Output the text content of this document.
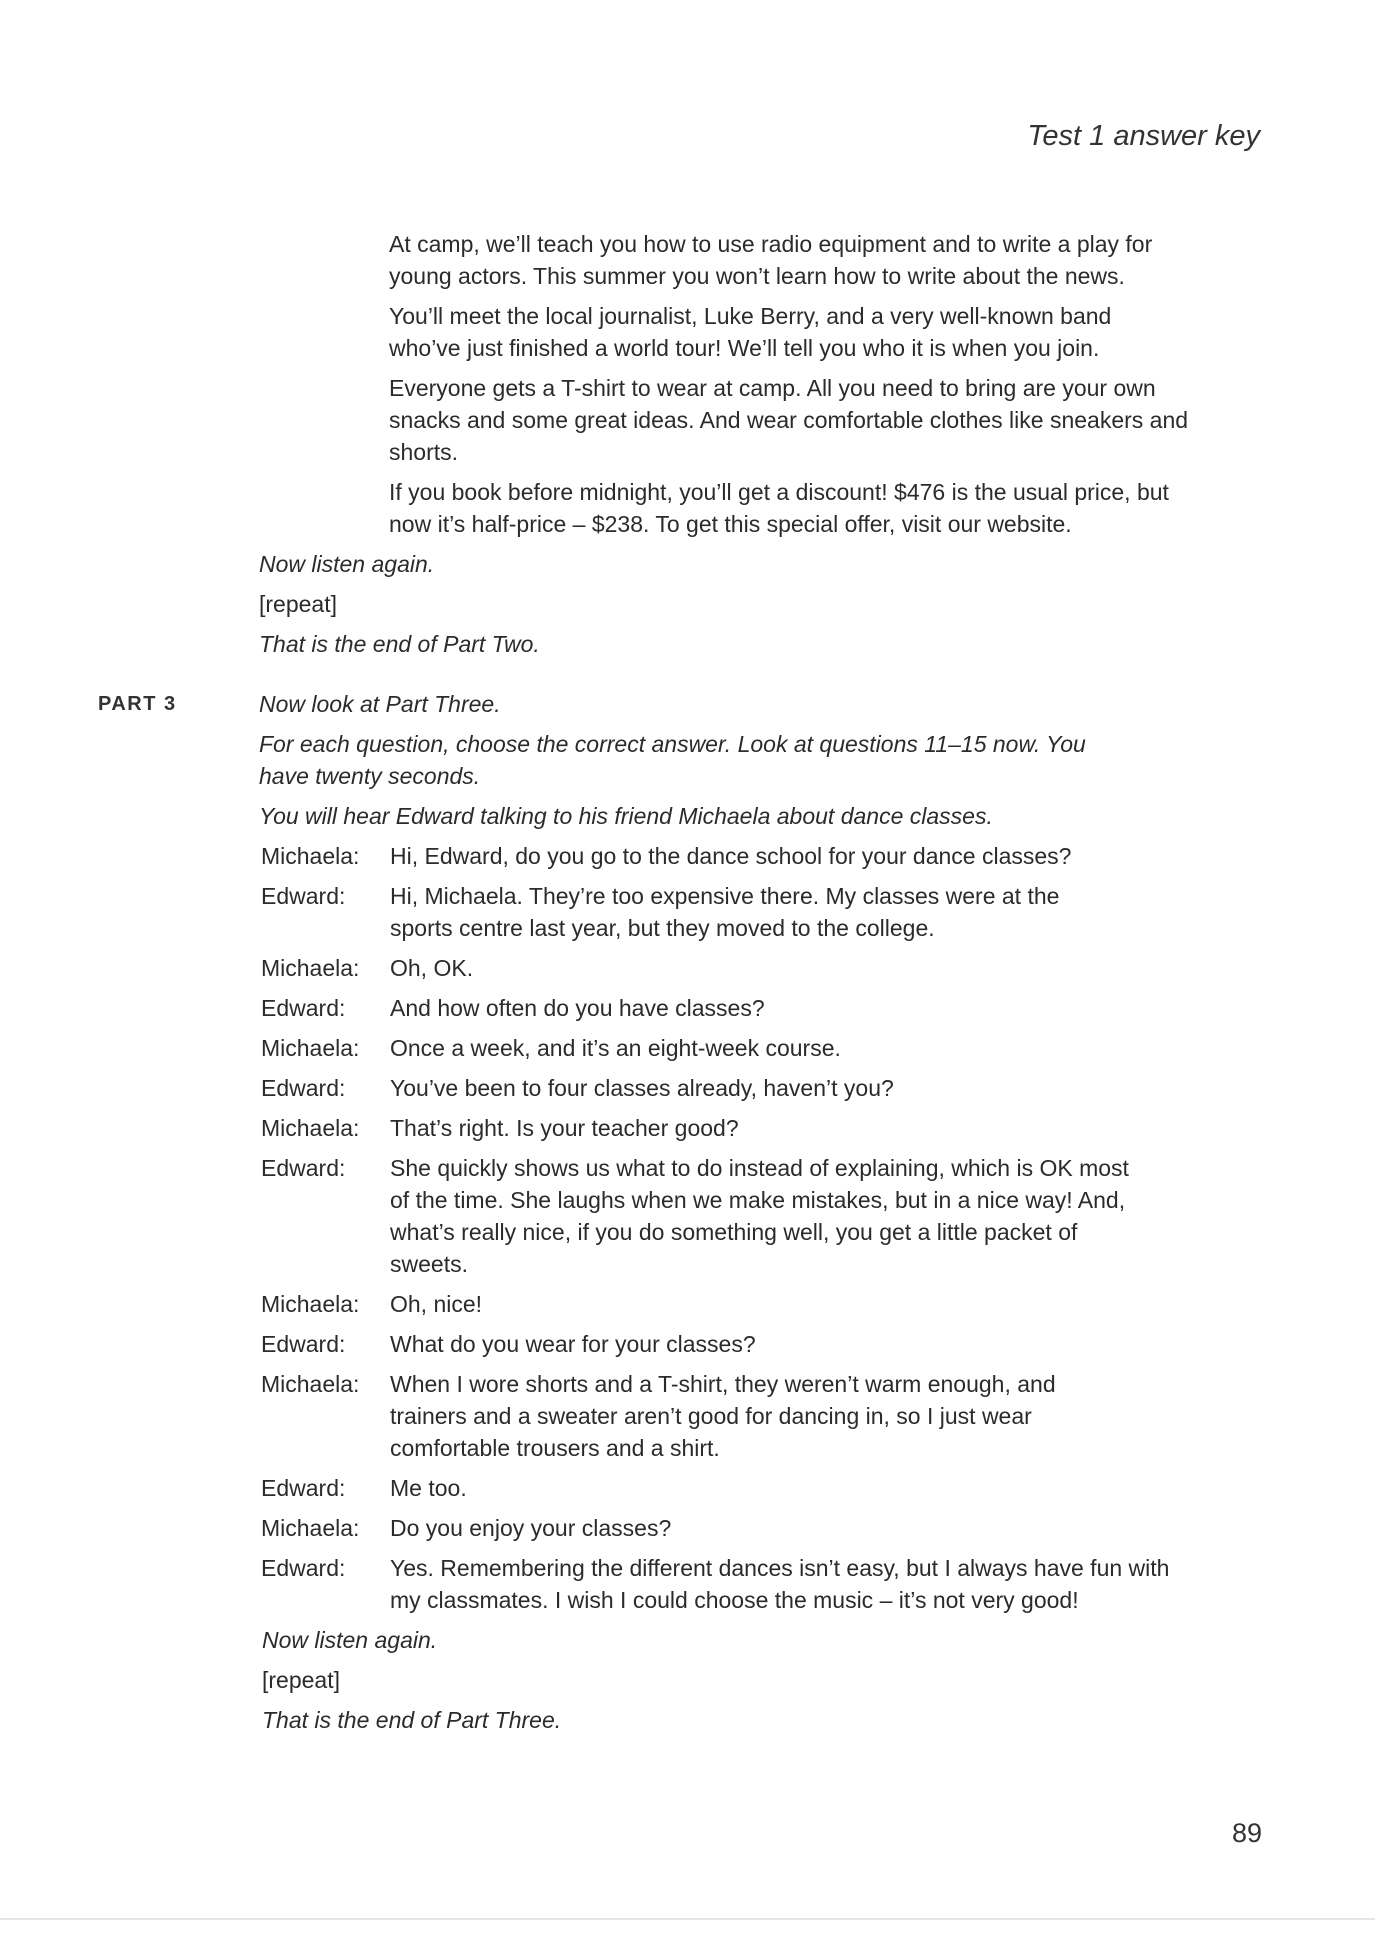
Test 1 answer key
At camp, we’ll teach you how to use radio equipment and to write a play for young actors. This summer you won’t learn how to write about the news.
You’ll meet the local journalist, Luke Berry, and a very well-known band who’ve just finished a world tour! We’ll tell you who it is when you join.
Everyone gets a T-shirt to wear at camp. All you need to bring are your own snacks and some great ideas. And wear comfortable clothes like sneakers and shorts.
If you book before midnight, you’ll get a discount! $476 is the usual price, but now it’s half-price – $238. To get this special offer, visit our website.
Now listen again.
[repeat]
That is the end of Part Two.
PART 3	Now look at Part Three.
For each question, choose the correct answer. Look at questions 11–15 now. You have twenty seconds.
You will hear Edward talking to his friend Michaela about dance classes.
Michaela:	Hi, Edward, do you go to the dance school for your dance classes?
Edward:	Hi, Michaela. They’re too expensive there. My classes were at the sports centre last year, but they moved to the college.
Michaela:	Oh, OK.
Edward:	And how often do you have classes?
Michaela:	Once a week, and it’s an eight-week course.
Edward:	You’ve been to four classes already, haven’t you?
Michaela:	That’s right. Is your teacher good?
Edward:	She quickly shows us what to do instead of explaining, which is OK most of the time. She laughs when we make mistakes, but in a nice way! And, what’s really nice, if you do something well, you get a little packet of sweets.
Michaela:	Oh, nice!
Edward:	What do you wear for your classes?
Michaela:	When I wore shorts and a T-shirt, they weren’t warm enough, and trainers and a sweater aren’t good for dancing in, so I just wear comfortable trousers and a shirt.
Edward:	Me too.
Michaela:	Do you enjoy your classes?
Edward:	Yes. Remembering the different dances isn’t easy, but I always have fun with my classmates. I wish I could choose the music – it’s not very good!
Now listen again.
[repeat]
That is the end of Part Three.
89
